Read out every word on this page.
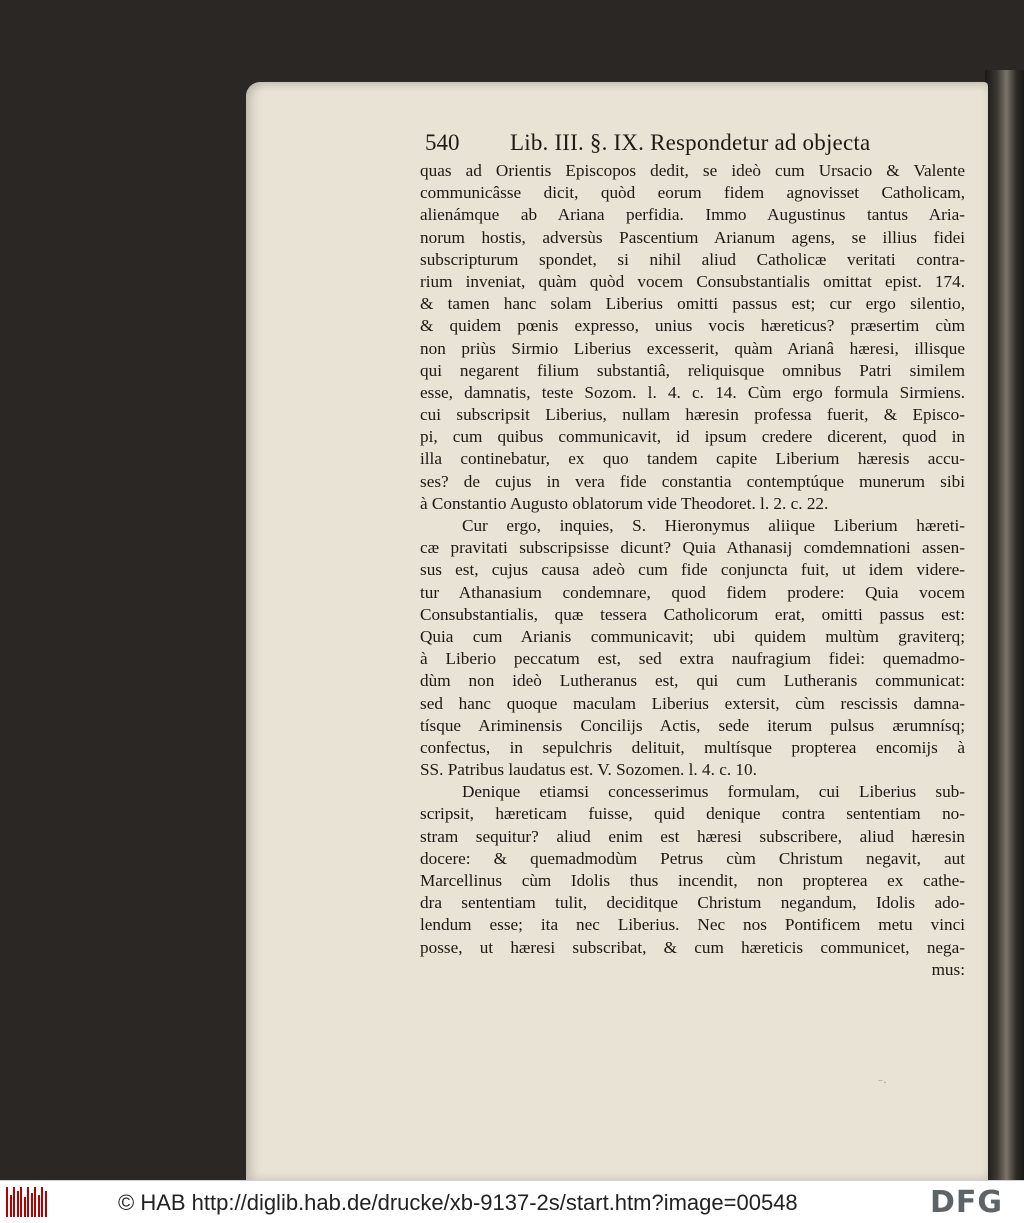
540 Lib. III. §. IX. Respondetur ad objecta
quas ad Orientis Episcopos dedit, se ideò cum Ursacio & Valente
communicâsse dicit, quòd eorum fidem agnovisset Catholicam,
alienámque ab Ariana perfidia. Immo Augustinus tantus Aria-
norum hostis, adversùs Pascentium Arianum agens, se illius fidei
subscripturum spondet, si nihil aliud Catholicæ veritati contra-
rium inveniat, quàm quòd vocem Consubstantialis omittat epist. 174.
& tamen hanc solam Liberius omitti passus est; cur ergo silentio,
& quidem pœnis expresso, unius vocis hæreticus? præsertim cùm
non priùs Sirmio Liberius excesserit, quàm Arianâ hæresi, illisque
qui negarent filium substantiâ, reliquisque omnibus Patri similem
esse, damnatis, teste Sozom. l. 4. c. 14. Cùm ergo formula Sirmiens.
cui subscripsit Liberius, nullam hæresin professa fuerit, & Episco-
pi, cum quibus communicavit, id ipsum credere dicerent, quod in
illa continebatur, ex quo tandem capite Liberium hæresis accu-
ses? de cujus in vera fide constantia contemptúque munerum sibi
à Constantio Augusto oblatorum vide Theodoret. l. 2. c. 22.
Cur ergo, inquies, S. Hieronymus aliique Liberium hæreti-
cæ pravitati subscripsisse dicunt? Quia Athanasij comdemnationi assen-
sus est, cujus causa adeò cum fide conjuncta fuit, ut idem videre-
tur Athanasium condemnare, quod fidem prodere: Quia vocem
Consubstantialis, quæ tessera Catholicorum erat, omitti passus est:
Quia cum Arianis communicavit; ubi quidem multùm graviterq;
à Liberio peccatum est, sed extra naufragium fidei: quemadmo-
dùm non ideò Lutheranus est, qui cum Lutheranis communicat:
sed hanc quoque maculam Liberius extersit, cùm rescissis damna-
tísque Ariminensis Concilijs Actis, sede iterum pulsus ærumnísq;
confectus, in sepulchris delituit, multísque propterea encomijs à
SS. Patribus laudatus est. V. Sozomen. l. 4. c. 10.
Denique etiamsi concesserimus formulam, cui Liberius sub-
scripsit, hæreticam fuisse, quid denique contra sententiam no-
stram sequitur? aliud enim est hæresi subscribere, aliud hæresin
docere: & quemadmodùm Petrus cùm Christum negavit, aut
Marcellinus cùm Idolis thus incendit, non propterea ex cathe-
dra sententiam tulit, deciditque Christum negandum, Idolis ado-
lendum esse; ita nec Liberius. Nec nos Pontificem metu vinci
posse, ut hæresi subscribat, & cum hæreticis communicet, nega-
mus:
© HAB http://diglib.hab.de/drucke/xb-9137-2s/start.htm?image=00548	DFG
